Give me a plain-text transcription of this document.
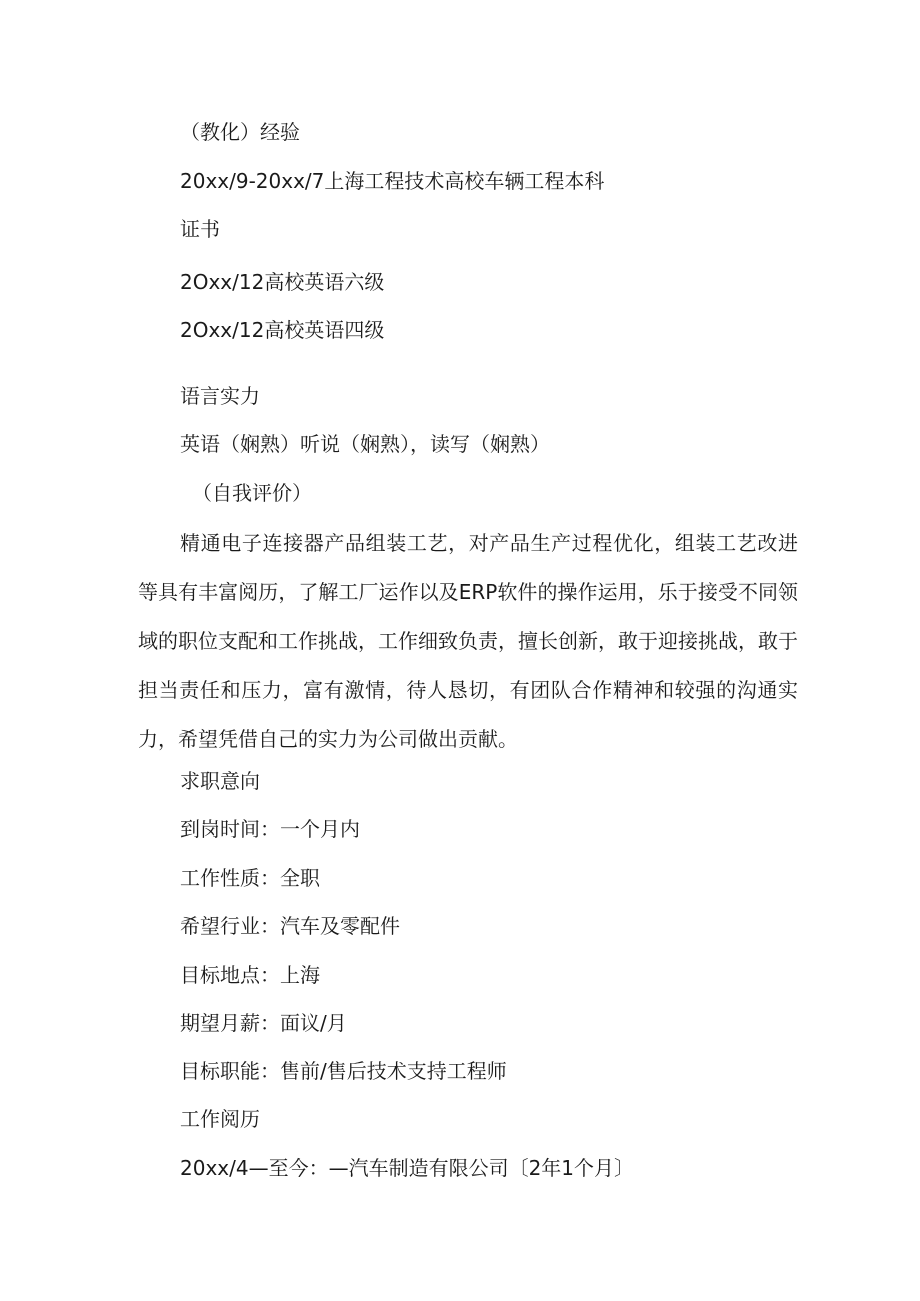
（教化）经验

20xx/9-20xx/7上海工程技术高校车辆工程本科

证书

2Oxx/12高校英语六级

2Oxx/12高校英语四级

语言实力

英语（娴熟）听说（娴熟），读写（娴熟）

（自我评价）

精通电子连接器产品组装工艺，对产品生产过程优化，组装工艺改进等具有丰富阅历，了解工厂运作以及ERP软件的操作运用，乐于接受不同领域的职位支配和工作挑战，工作细致负责，擅长创新，敢于迎接挑战，敢于担当责任和压力，富有激情，待人恳切，有团队合作精神和较强的沟通实力，希望凭借自己的实力为公司做出贡献。

求职意向

到岗时间：一个月内

工作性质：全职

希望行业：汽车及零配件

目标地点：上海

期望月薪：面议/月

目标职能：售前/售后技术支持工程师

工作阅历

20xx/4—至今：—汽车制造有限公司〔2年1个月〕
